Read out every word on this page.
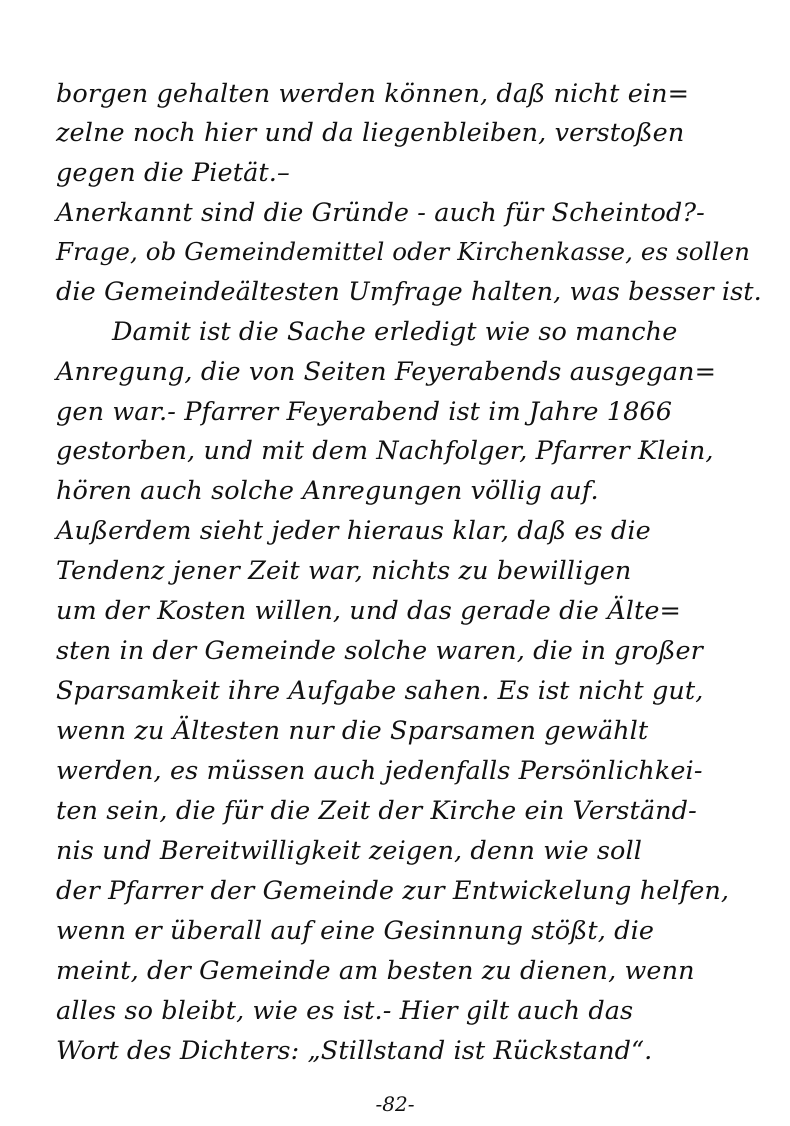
borgen gehalten werden können, daß nicht ein=
zelne noch hier und da liegenbleiben, verstoßen
gegen die Pietät.–
Anerkannt sind die Gründe - auch für Scheintod?-
Frage, ob Gemeindemittel oder Kirchenkasse, es sollen
die Gemeindeältesten Umfrage halten, was besser ist.
Damit ist die Sache erledigt wie so manche
Anregung, die von Seiten Feyerabends ausgegan=
gen war.- Pfarrer Feyerabend ist im Jahre 1866
gestorben, und mit dem Nachfolger, Pfarrer Klein,
hören auch solche Anregungen völlig auf.
Außerdem sieht jeder hieraus klar, daß es die
Tendenz jener Zeit war, nichts zu bewilligen
um der Kosten willen, und das gerade die Älte=
sten in der Gemeinde solche waren, die in großer
Sparsamkeit ihre Aufgabe sahen. Es ist nicht gut,
wenn zu Ältesten nur die Sparsamen gewählt
werden, es müssen auch jedenfalls Persönlichkei-
ten sein, die für die Zeit der Kirche ein Verständ-
nis und Bereitwilligkeit zeigen, denn wie soll
der Pfarrer der Gemeinde zur Entwickelung helfen,
wenn er überall auf eine Gesinnung stößt, die
meint, der Gemeinde am besten zu dienen, wenn
alles so bleibt, wie es ist.- Hier gilt auch das
Wort des Dichters: „Stillstand ist Rückstand“.
-82-
